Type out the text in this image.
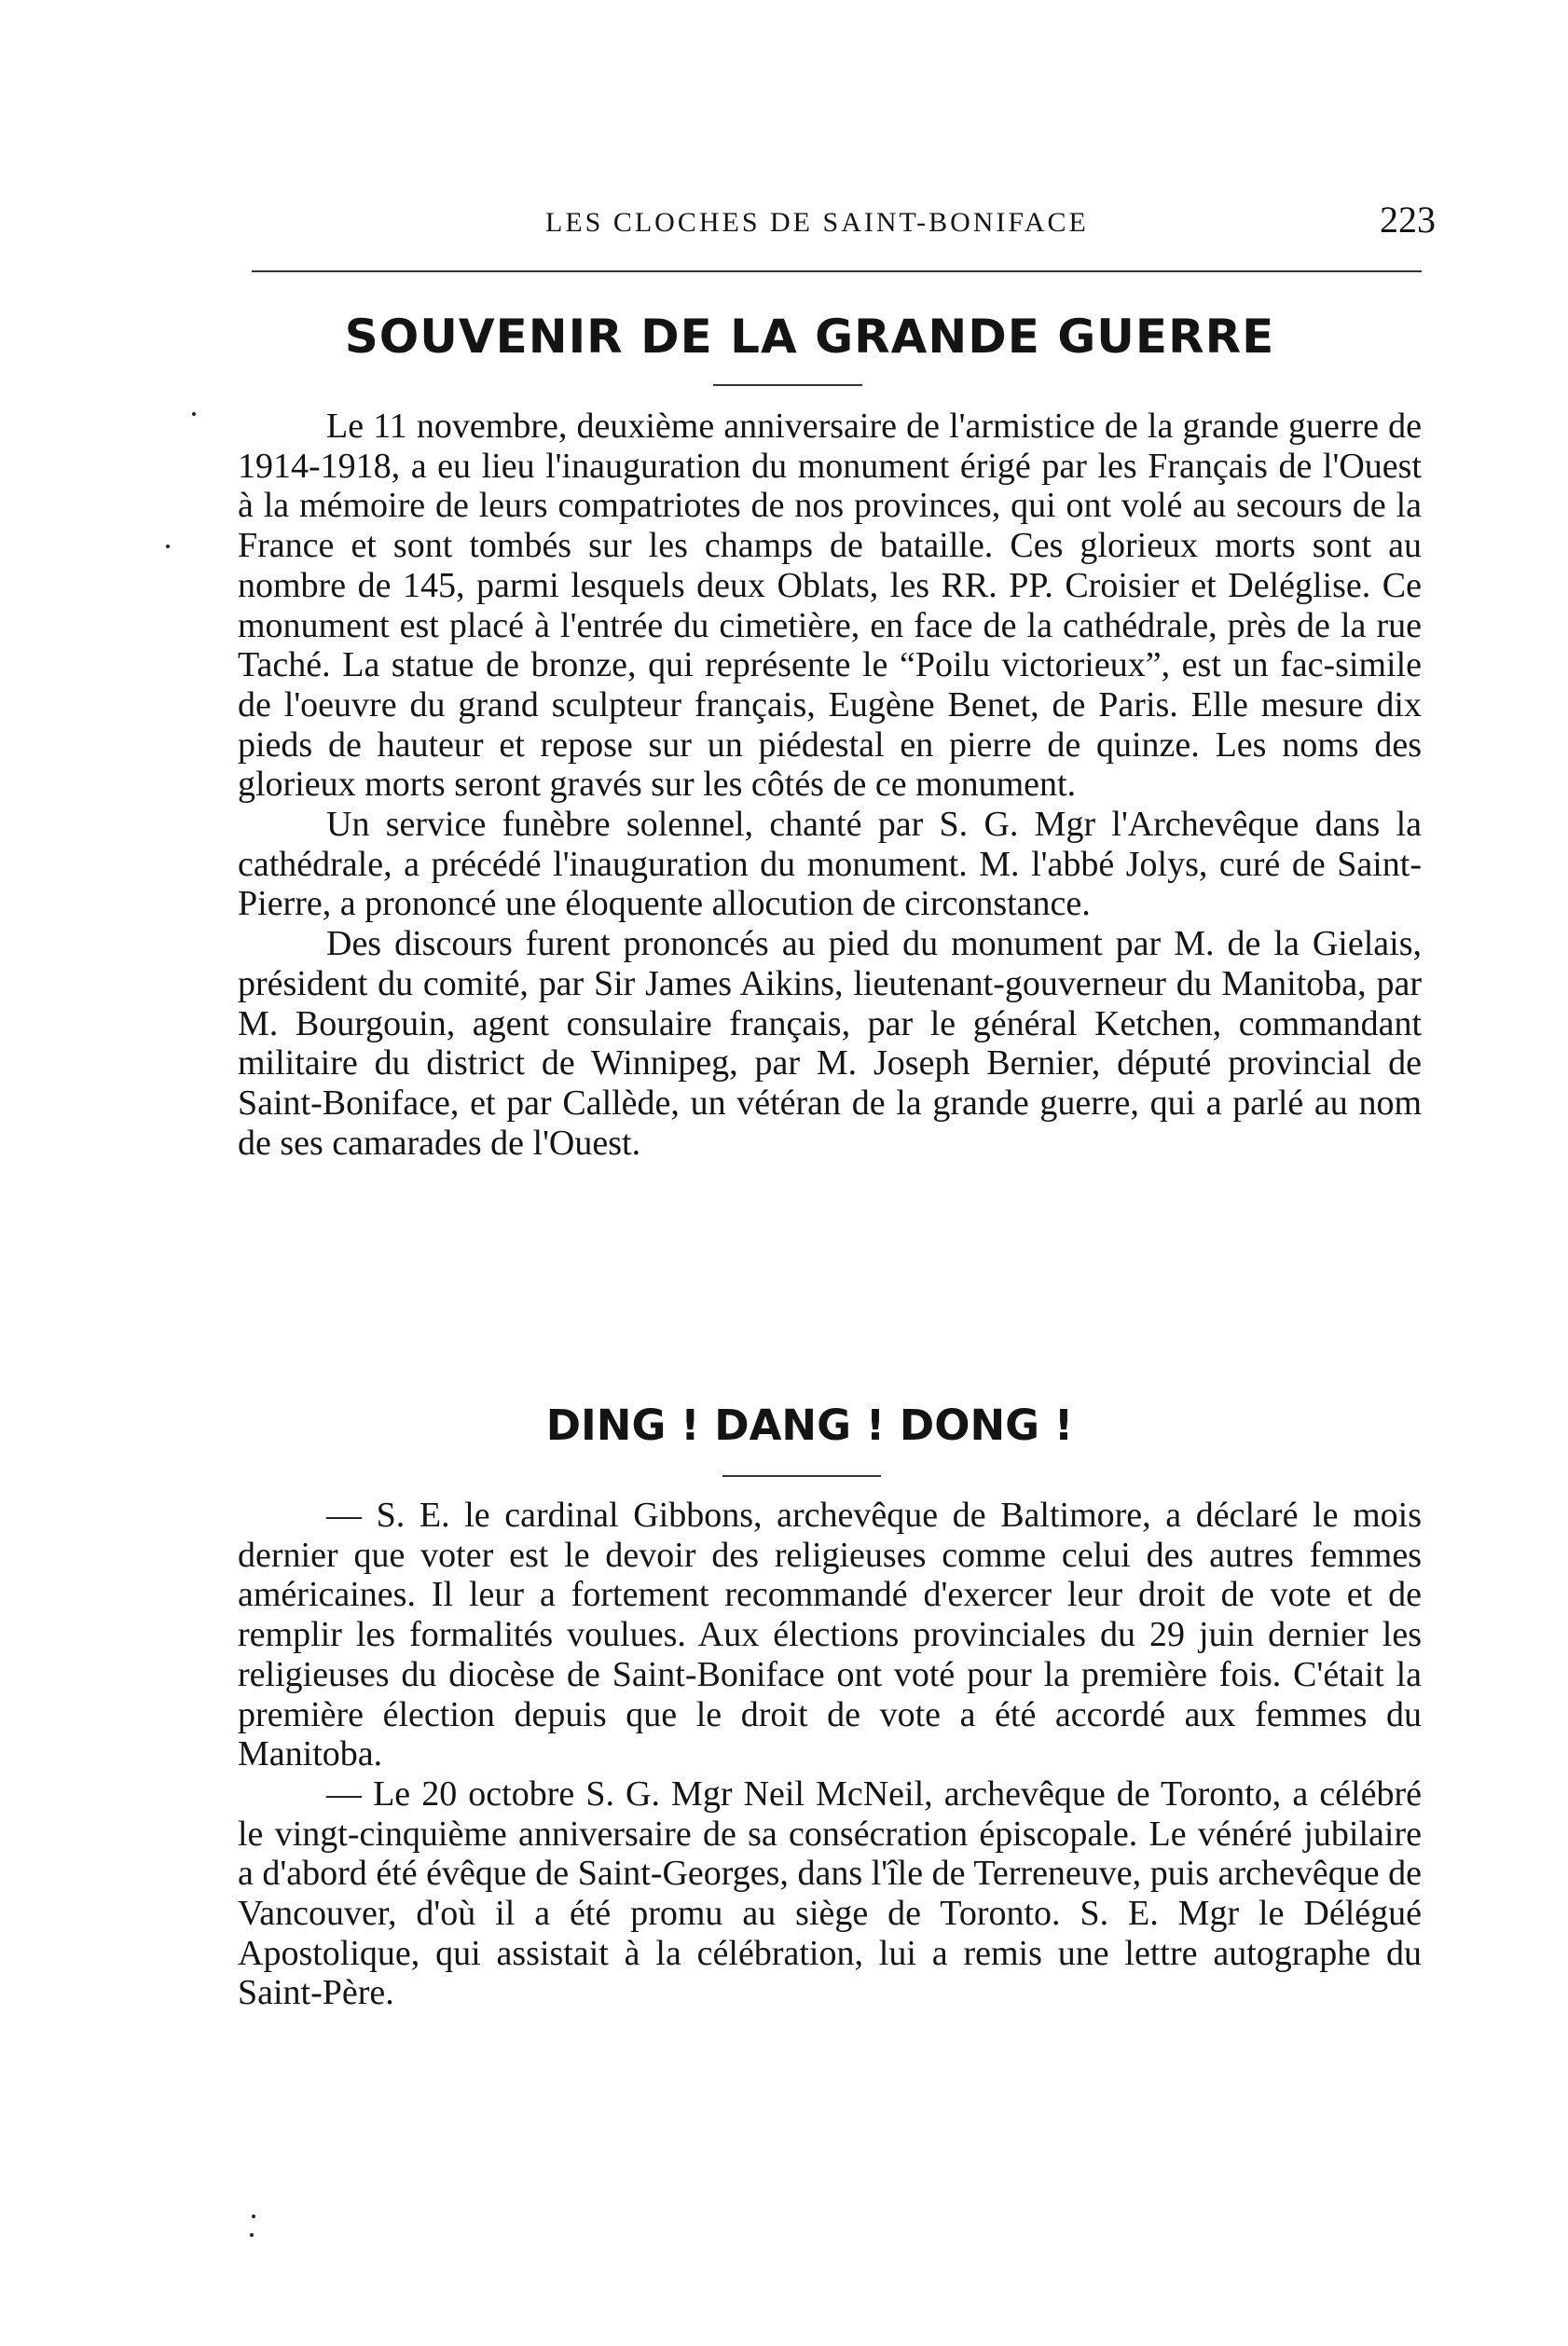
LES CLOCHES DE SAINT-BONIFACE	223
SOUVENIR DE LA GRANDE GUERRE

Le 11 novembre, deuxième anniversaire de l'armistice de la grande guerre de 1914-1918, a eu lieu l'inauguration du monument érigé par les Français de l'Ouest à la mémoire de leurs compatriotes de nos provinces, qui ont volé au secours de la France et sont tombés sur les champs de bataille. Ces glorieux morts sont au nombre de 145, parmi lesquels deux Oblats, les RR. PP. Croisier et Deléglise. Ce monument est placé à l'entrée du cimetière, en face de la cathédrale, près de la rue Taché. La statue de bronze, qui représente le “Poilu victorieux”, est un fac-simile de l'oeuvre du grand sculpteur français, Eugène Benet, de Paris. Elle mesure dix pieds de hauteur et repose sur un piédestal en pierre de quinze. Les noms des glorieux morts seront gravés sur les côtés de ce monument.

Un service funèbre solennel, chanté par S. G. Mgr l'Archevêque dans la cathédrale, a précédé l'inauguration du monument. M. l'abbé Jolys, curé de Saint-Pierre, a prononcé une éloquente allocution de circonstance.

Des discours furent prononcés au pied du monument par M. de la Gielais, président du comité, par Sir James Aikins, lieutenant-gouverneur du Manitoba, par M. Bourgouin, agent consulaire français, par le général Ketchen, commandant militaire du district de Winnipeg, par M. Joseph Bernier, député provincial de Saint-Boniface, et par Callède, un vétéran de la grande guerre, qui a parlé au nom de ses camarades de l'Ouest.

DING ! DANG ! DONG !

— S. E. le cardinal Gibbons, archevêque de Baltimore, a déclaré le mois dernier que voter est le devoir des religieuses comme celui des autres femmes américaines. Il leur a fortement recommandé d'exercer leur droit de vote et de remplir les formalités voulues. Aux élections provinciales du 29 juin dernier les religieuses du diocèse de Saint-Boniface ont voté pour la première fois. C'était la première élection depuis que le droit de vote a été accordé aux femmes du Manitoba.

— Le 20 octobre S. G. Mgr Neil McNeil, archevêque de Toronto, a célébré le vingt-cinquième anniversaire de sa consécration épiscopale. Le vénéré jubilaire a d'abord été évêque de Saint-Georges, dans l'île de Terreneuve, puis archevêque de Vancouver, d'où il a été promu au siège de Toronto. S. E. Mgr le Délégué Apostolique, qui assistait à la célébration, lui a remis une lettre autographe du Saint-Père.
